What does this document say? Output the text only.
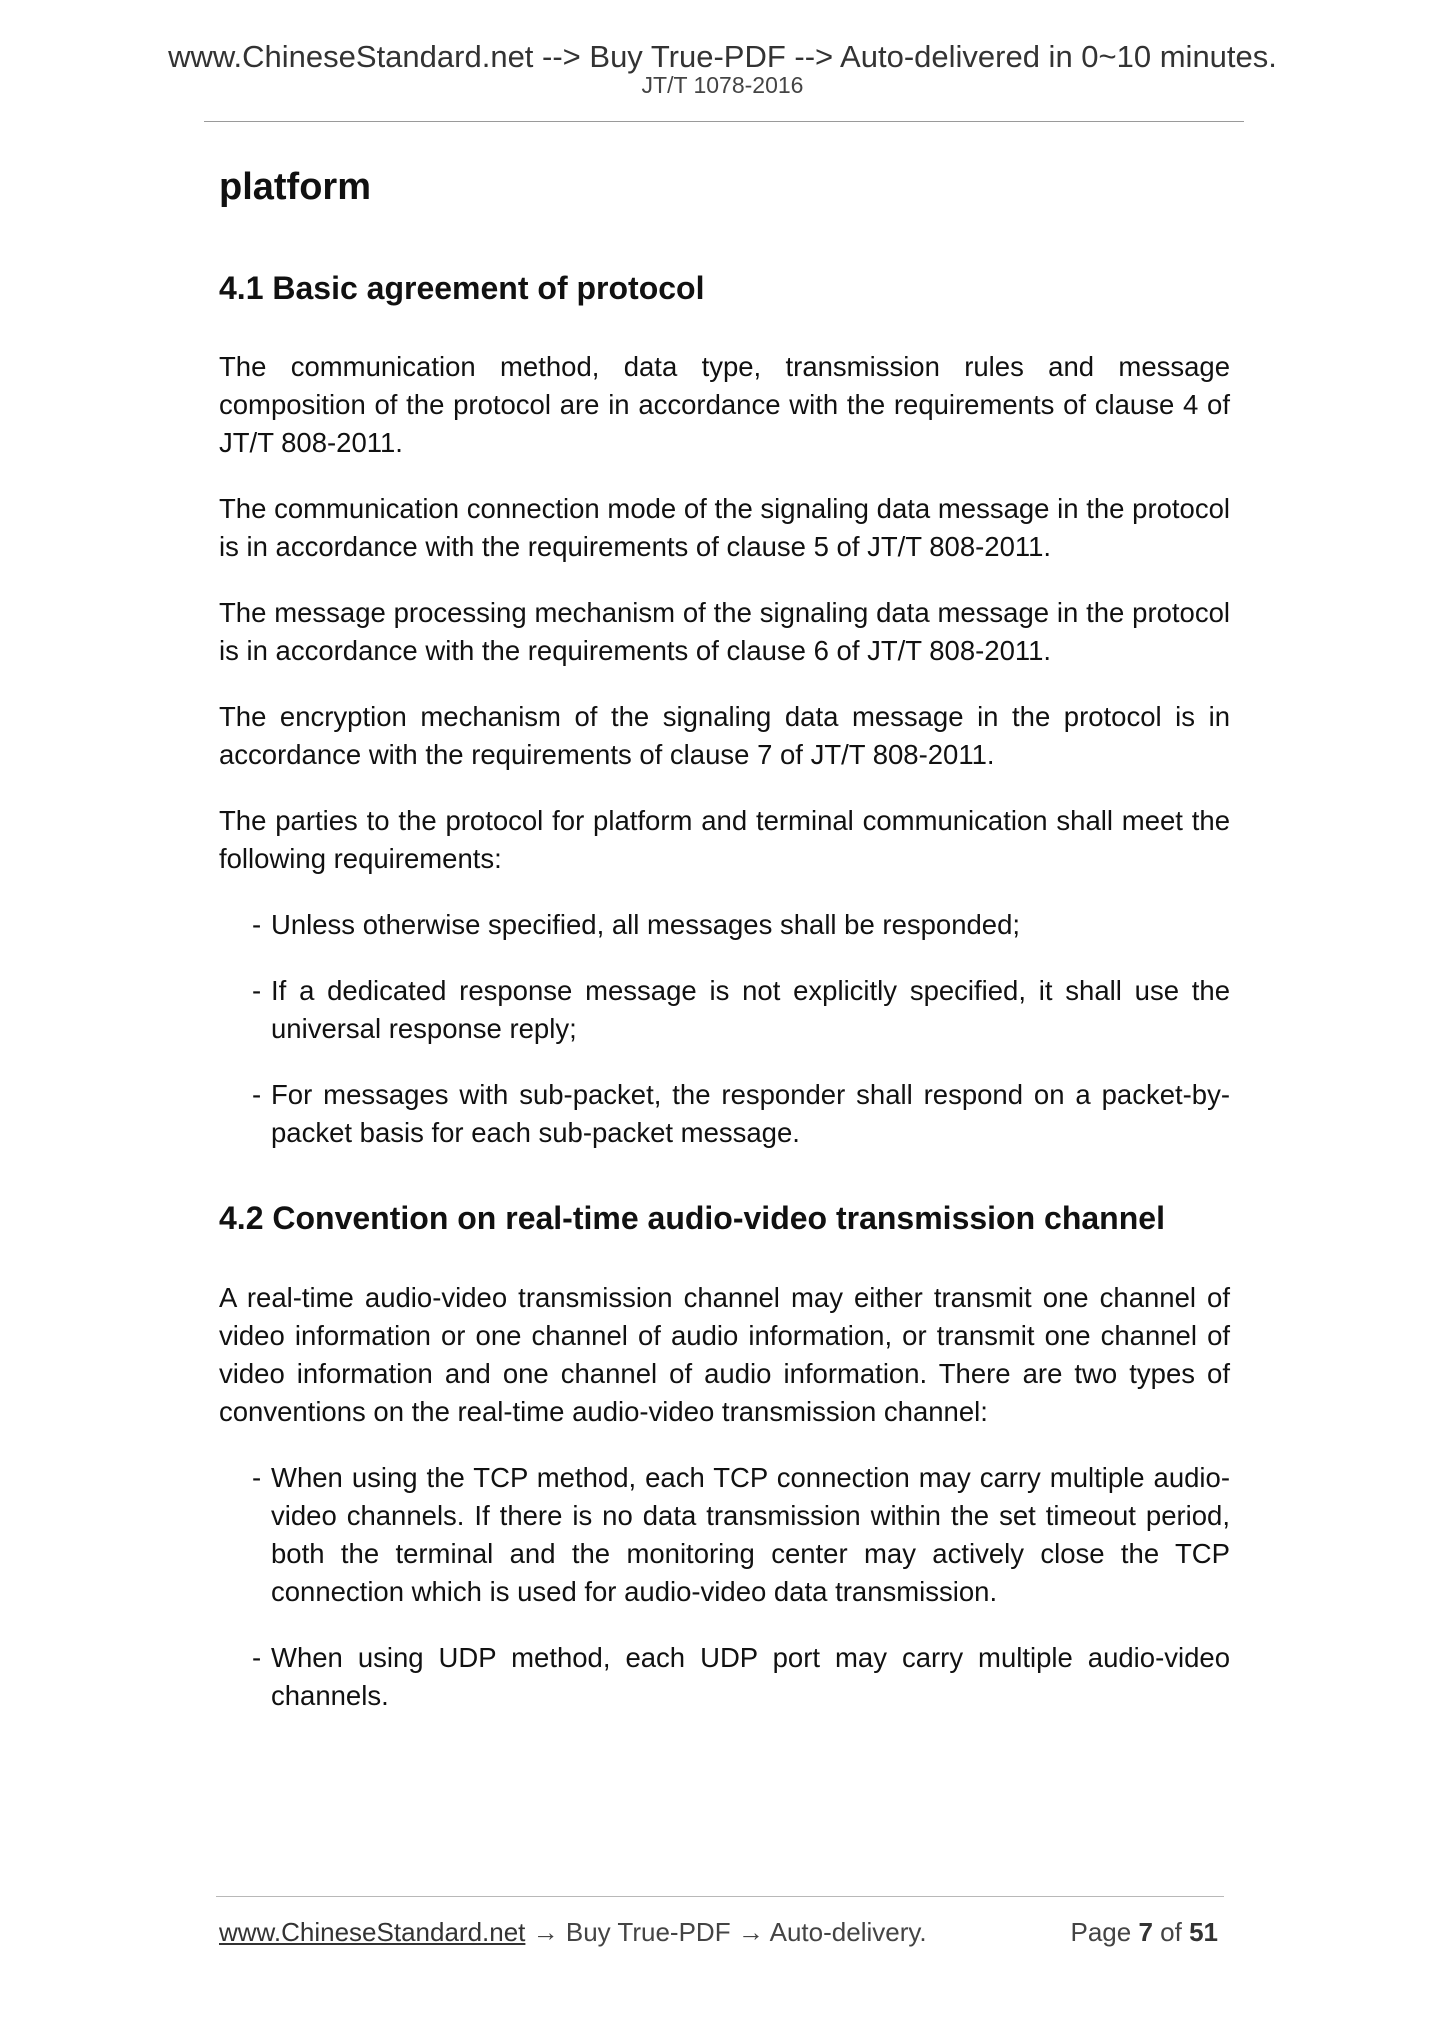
www.ChineseStandard.net --> Buy True-PDF --> Auto-delivered in 0~10 minutes.
JT/T 1078-2016
platform
4.1 Basic agreement of protocol

The communication method, data type, transmission rules and message composition of the protocol are in accordance with the requirements of clause 4 of JT/T 808-2011.

The communication connection mode of the signaling data message in the protocol is in accordance with the requirements of clause 5 of JT/T 808-2011.

The message processing mechanism of the signaling data message in the protocol is in accordance with the requirements of clause 6 of JT/T 808-2011.

The encryption mechanism of the signaling data message in the protocol is in accordance with the requirements of clause 7 of JT/T 808-2011.

The parties to the protocol for platform and terminal communication shall meet the following requirements:

- Unless otherwise specified, all messages shall be responded;
- If a dedicated response message is not explicitly specified, it shall use the universal response reply;
- For messages with sub-packet, the responder shall respond on a packet-by-packet basis for each sub-packet message.
4.2 Convention on real-time audio-video transmission channel

A real-time audio-video transmission channel may either transmit one channel of video information or one channel of audio information, or transmit one channel of video information and one channel of audio information. There are two types of conventions on the real-time audio-video transmission channel:

- When using the TCP method, each TCP connection may carry multiple audio-video channels. If there is no data transmission within the set timeout period, both the terminal and the monitoring center may actively close the TCP connection which is used for audio-video data transmission.
- When using UDP method, each UDP port may carry multiple audio-video channels.
www.ChineseStandard.net → Buy True-PDF → Auto-delivery.	Page 7 of 51
